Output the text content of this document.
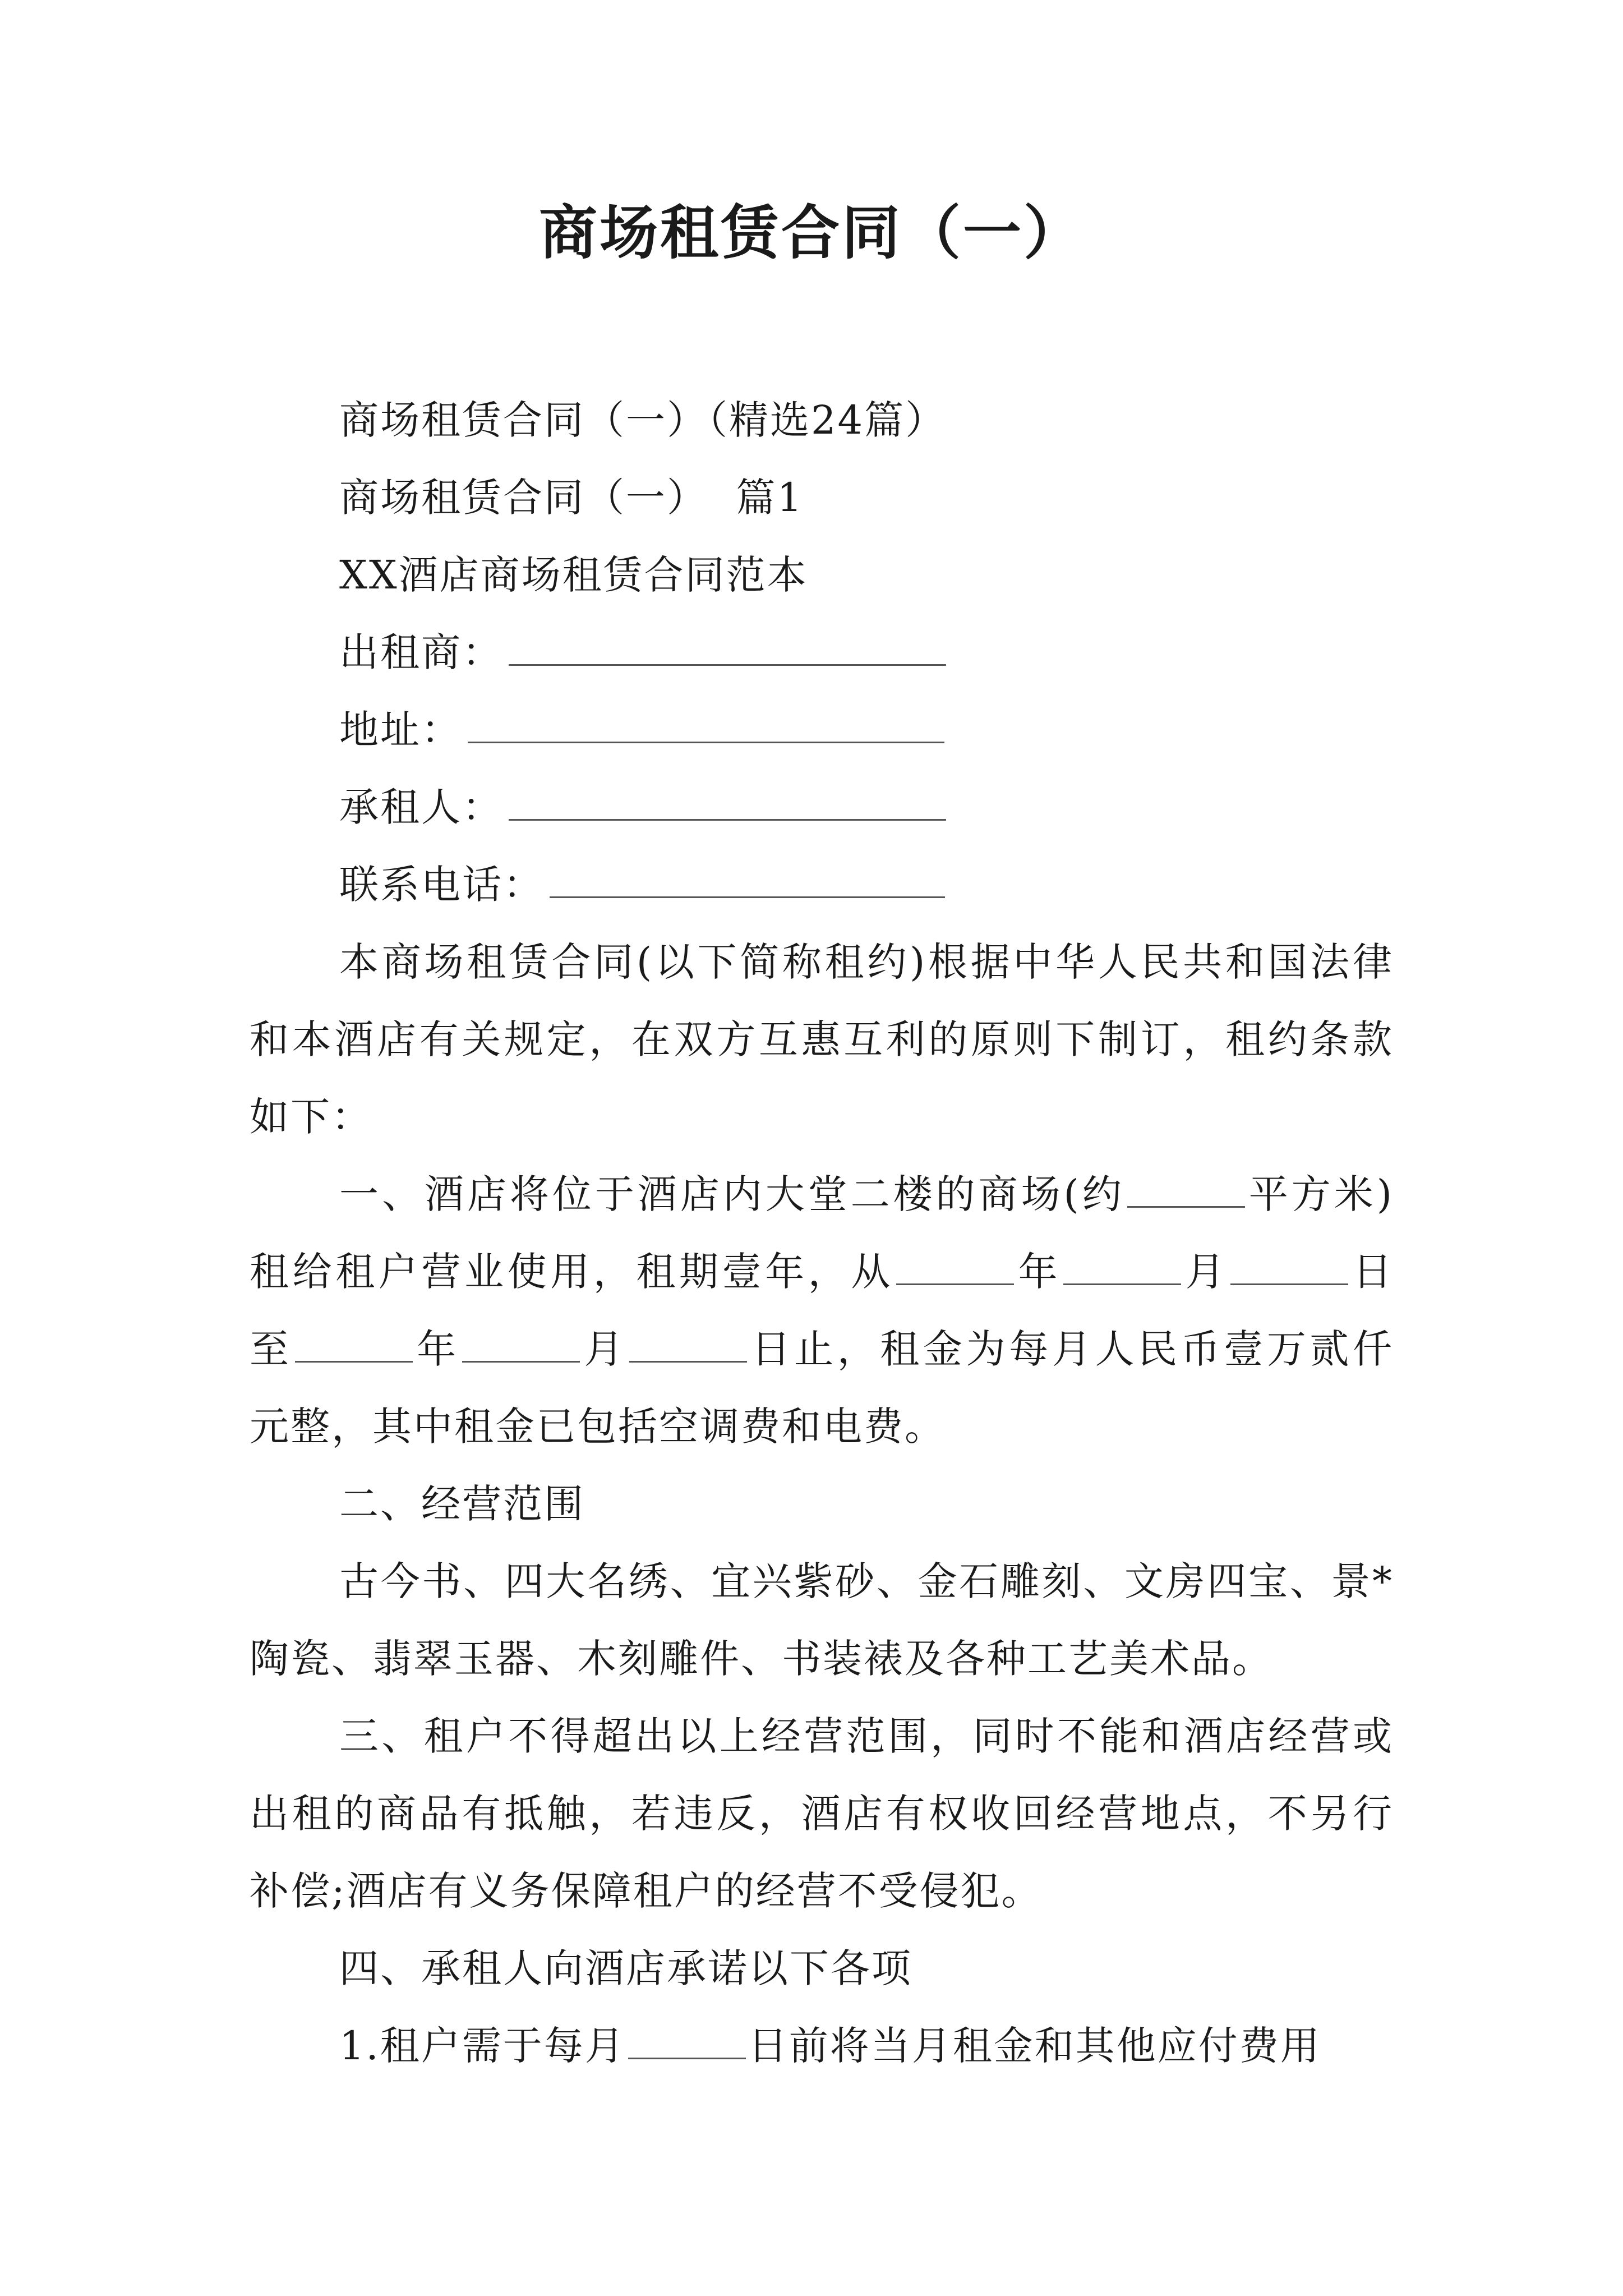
商场租赁合同（一）

商场租赁合同（一）（精选24篇）

商场租赁合同（一）  篇1

XX酒店商场租赁合同范本

出租商：

地址：

承租人：

联系电话：

本商场租赁合同(以下简称租约)根据中华人民共和国法律和本酒店有关规定，在双方互惠互利的原则下制订，租约条款如下：

一、酒店将位于酒店内大堂二楼的商场(约	平方米)租给租户营业使用，租期壹年，从	年	月	日至	年	月	日止，租金为每月人民币壹万贰仟元整，其中租金已包括空调费和电费。

二、经营范围

古今书、四大名绣、宜兴紫砂、金石雕刻、文房四宝、景*陶瓷、翡翠玉器、木刻雕件、书装裱及各种工艺美术品。

三、租户不得超出以上经营范围，同时不能和酒店经营或出租的商品有抵触，若违反，酒店有权收回经营地点，不另行补偿;酒店有义务保障租户的经营不受侵犯。

四、承租人向酒店承诺以下各项

1.租户需于每月	日前将当月租金和其他应付费用
